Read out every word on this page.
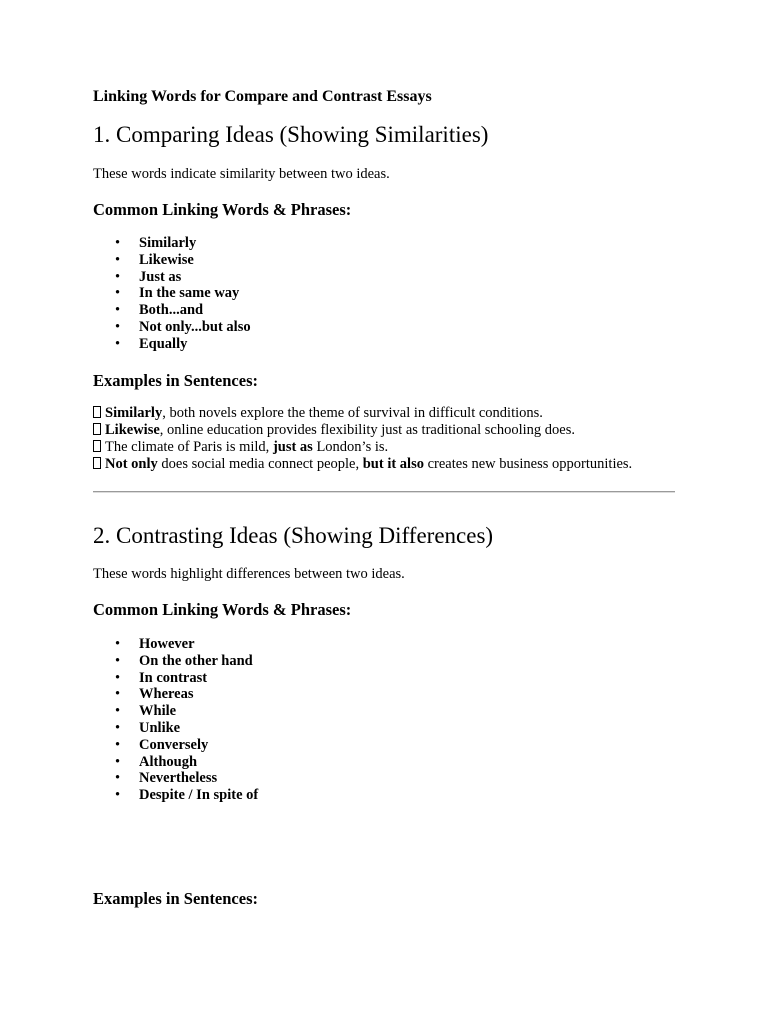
Linking Words for Compare and Contrast Essays
1. Comparing Ideas (Showing Similarities)
These words indicate similarity between two ideas.
Common Linking Words & Phrases:
• Similarly
• Likewise
• Just as
• In the same way
• Both...and
• Not only...but also
• Equally
Examples in Sentences:
Similarly, both novels explore the theme of survival in difficult conditions.
Likewise, online education provides flexibility just as traditional schooling does.
The climate of Paris is mild, just as London’s is.
Not only does social media connect people, but it also creates new business opportunities.
2. Contrasting Ideas (Showing Differences)
These words highlight differences between two ideas.
Common Linking Words & Phrases:
• However
• On the other hand
• In contrast
• Whereas
• While
• Unlike
• Conversely
• Although
• Nevertheless
• Despite / In spite of
Examples in Sentences:
